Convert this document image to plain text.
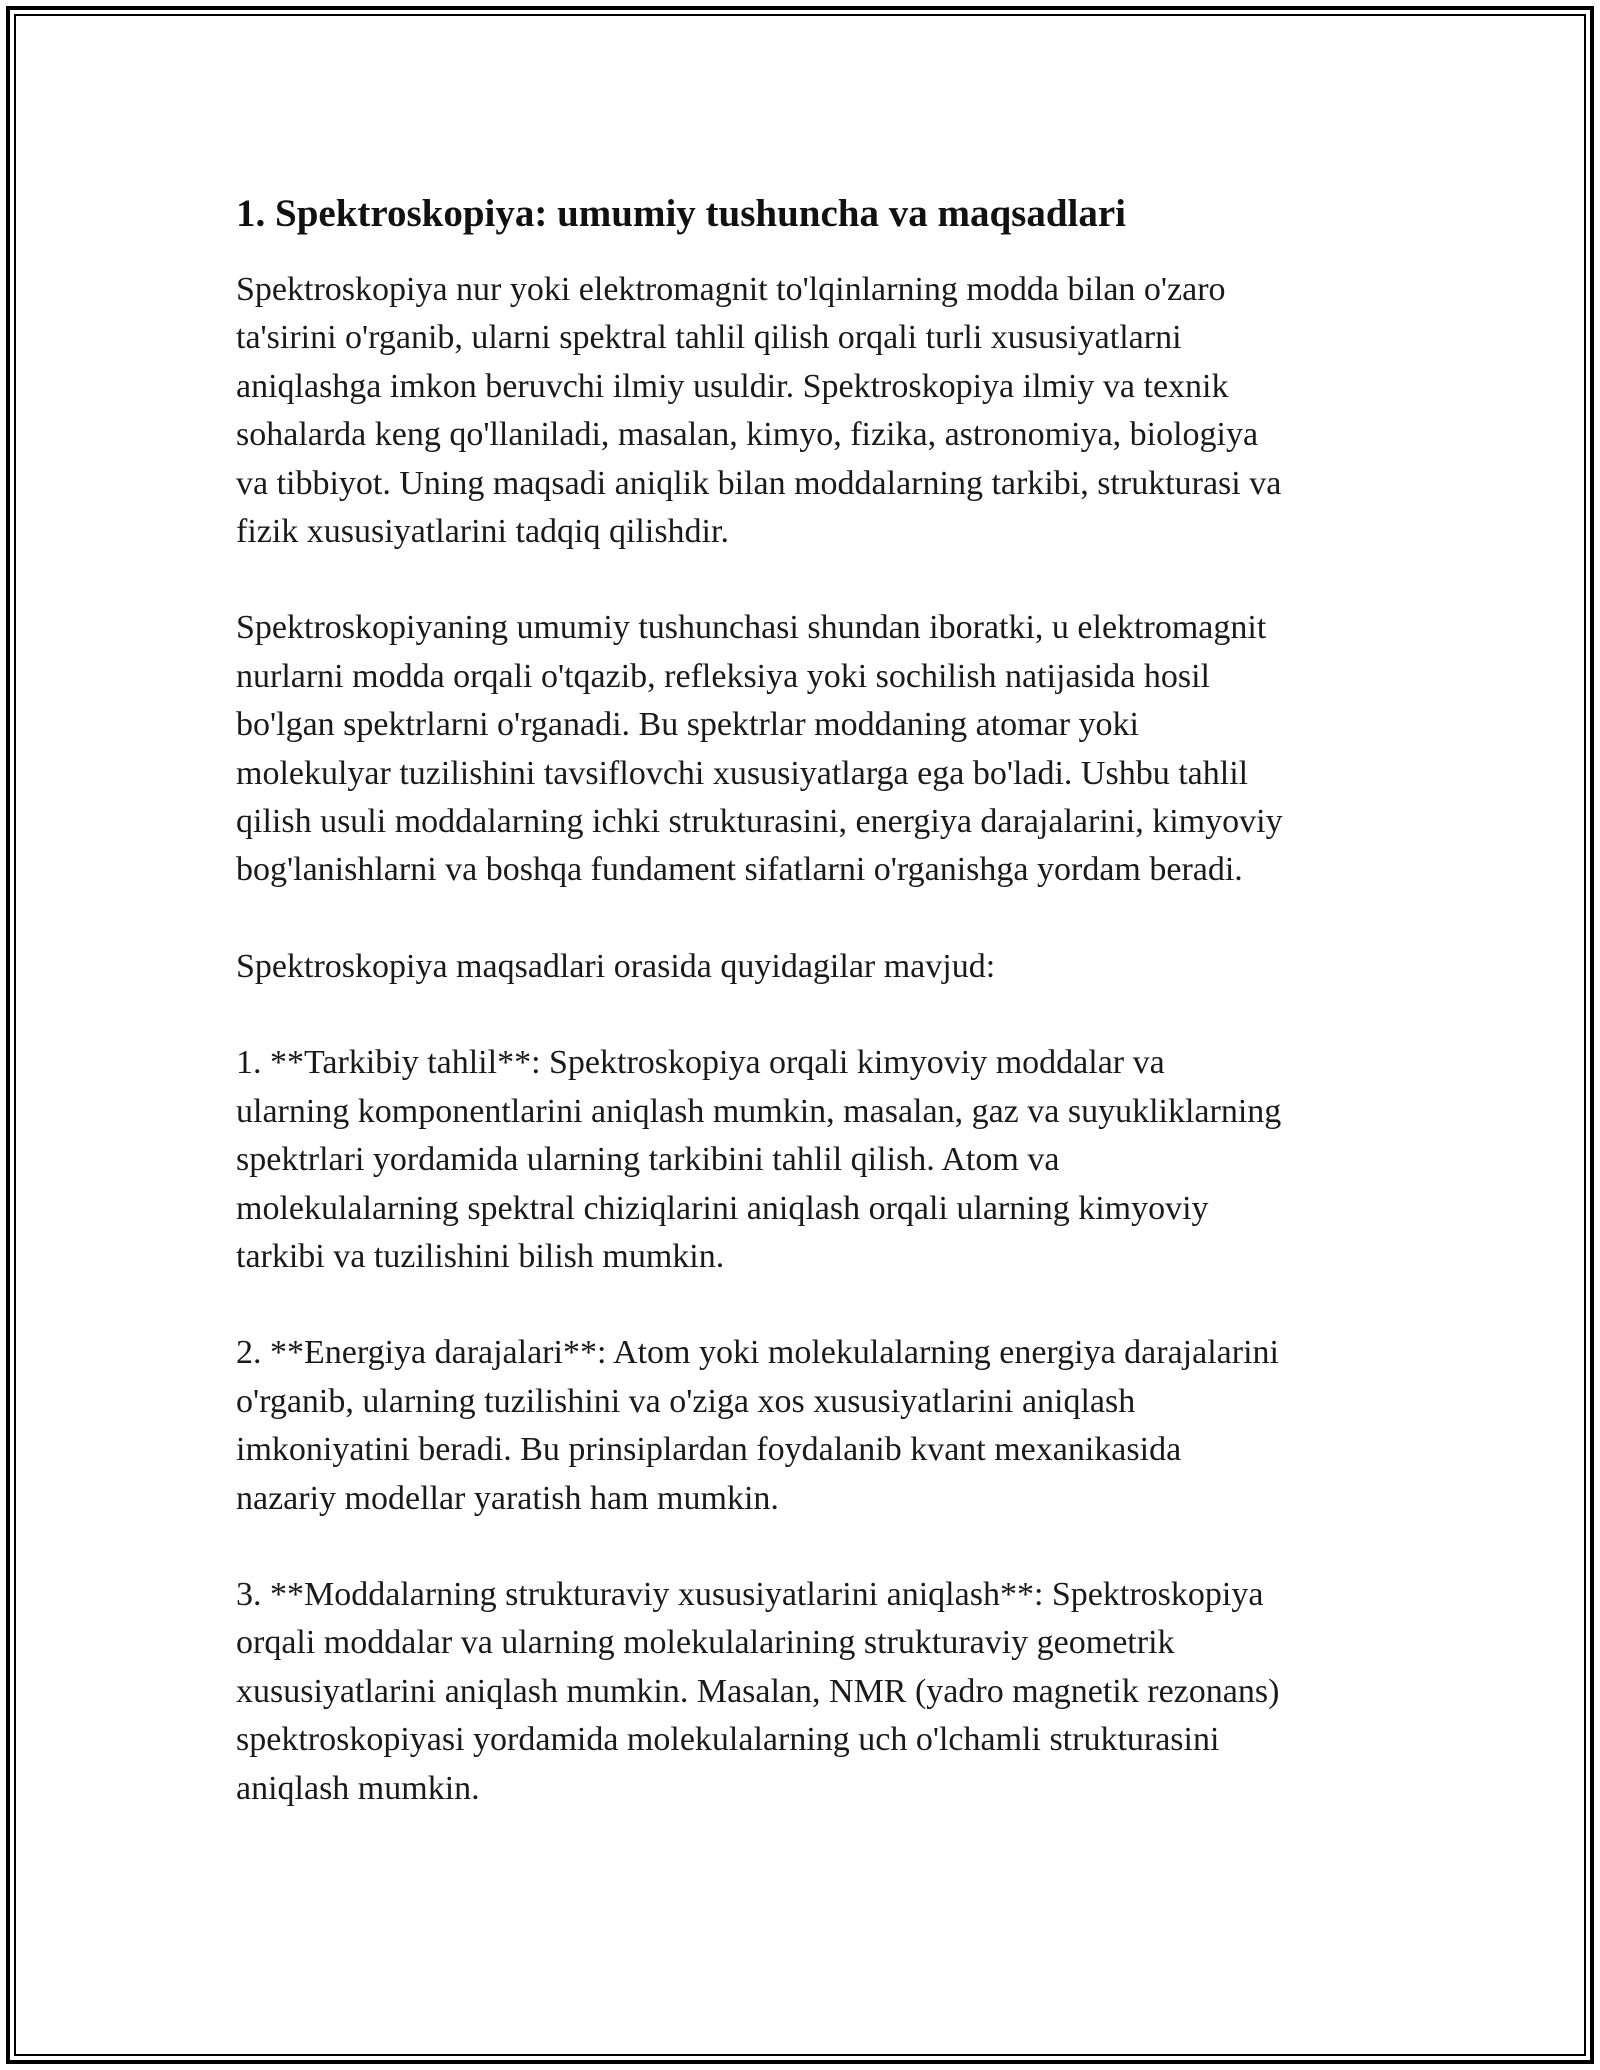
1. Spektroskopiya: umumiy tushuncha va maqsadlari

Spektroskopiya nur yoki elektromagnit to'lqinlarning modda bilan o'zaro
ta'sirini o'rganib, ularni spektral tahlil qilish orqali turli xususiyatlarni
aniqlashga imkon beruvchi ilmiy usuldir. Spektroskopiya ilmiy va texnik
sohalarda keng qo'llaniladi, masalan, kimyo, fizika, astronomiya, biologiya
va tibbiyot. Uning maqsadi aniqlik bilan moddalarning tarkibi, strukturasi va
fizik xususiyatlarini tadqiq qilishdir.

Spektroskopiyaning umumiy tushunchasi shundan iboratki, u elektromagnit
nurlarni modda orqali o'tqazib, refleksiya yoki sochilish natijasida hosil
bo'lgan spektrlarni o'rganadi. Bu spektrlar moddaning atomar yoki
molekulyar tuzilishini tavsiflovchi xususiyatlarga ega bo'ladi. Ushbu tahlil
qilish usuli moddalarning ichki strukturasini, energiya darajalarini, kimyoviy
bog'lanishlarni va boshqa fundament sifatlarni o'rganishga yordam beradi.

Spektroskopiya maqsadlari orasida quyidagilar mavjud:

1. **Tarkibiy tahlil**: Spektroskopiya orqali kimyoviy moddalar va
ularning komponentlarini aniqlash mumkin, masalan, gaz va suyukliklarning
spektrlari yordamida ularning tarkibini tahlil qilish. Atom va
molekulalarning spektral chiziqlarini aniqlash orqali ularning kimyoviy
tarkibi va tuzilishini bilish mumkin.

2. **Energiya darajalari**: Atom yoki molekulalarning energiya darajalarini
o'rganib, ularning tuzilishini va o'ziga xos xususiyatlarini aniqlash
imkoniyatini beradi. Bu prinsiplardan foydalanib kvant mexanikasida
nazariy modellar yaratish ham mumkin.

3. **Moddalarning strukturaviy xususiyatlarini aniqlash**: Spektroskopiya
orqali moddalar va ularning molekulalarining strukturaviy geometrik
xususiyatlarini aniqlash mumkin. Masalan, NMR (yadro magnetik rezonans)
spektroskopiyasi yordamida molekulalarning uch o'lchamli strukturasini
aniqlash mumkin.
